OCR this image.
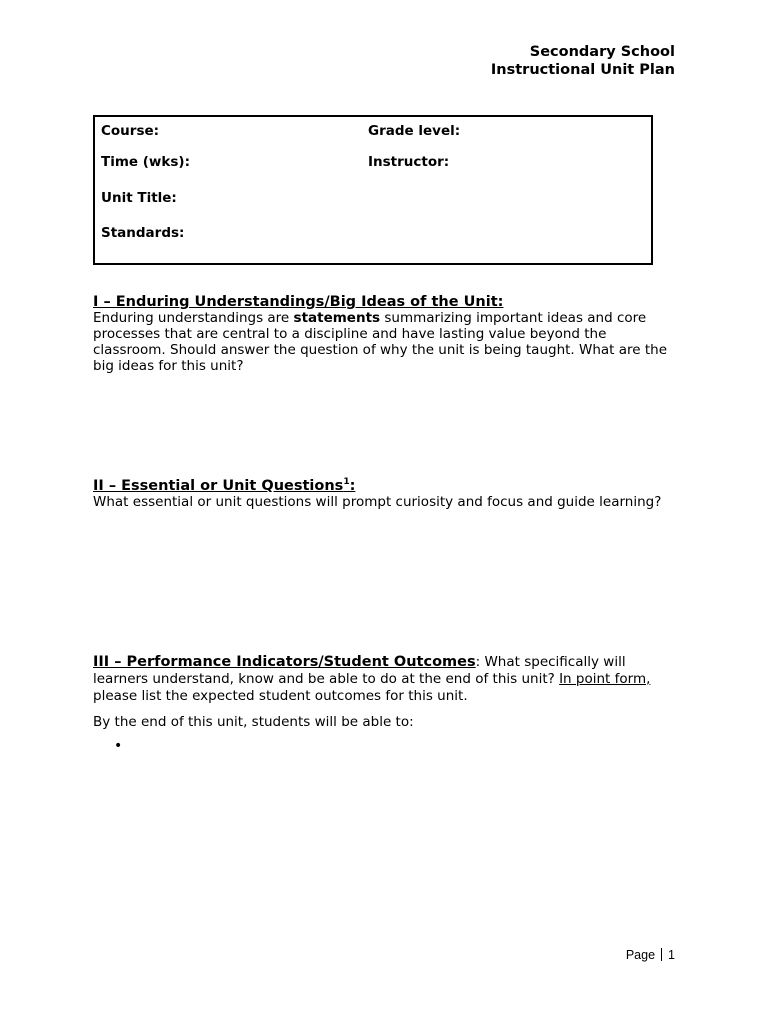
Secondary School
Instructional Unit Plan
Course:	Grade level:
Time (wks):	Instructor:
Unit Title:
Standards:
I – Enduring Understandings/Big Ideas of the Unit:

Enduring understandings are statements summarizing important ideas and core processes that are central to a discipline and have lasting value beyond the classroom. Should answer the question of why the unit is being taught. What are the big ideas for this unit?

II – Essential or Unit Questions$^1$:

What essential or unit questions will prompt curiosity and focus and guide learning?

III – Performance Indicators/Student Outcomes: What specifically will learners understand, know and be able to do at the end of this unit? In point form, please list the expected student outcomes for this unit.

By the end of this unit, students will be able to:

•
Page 1
